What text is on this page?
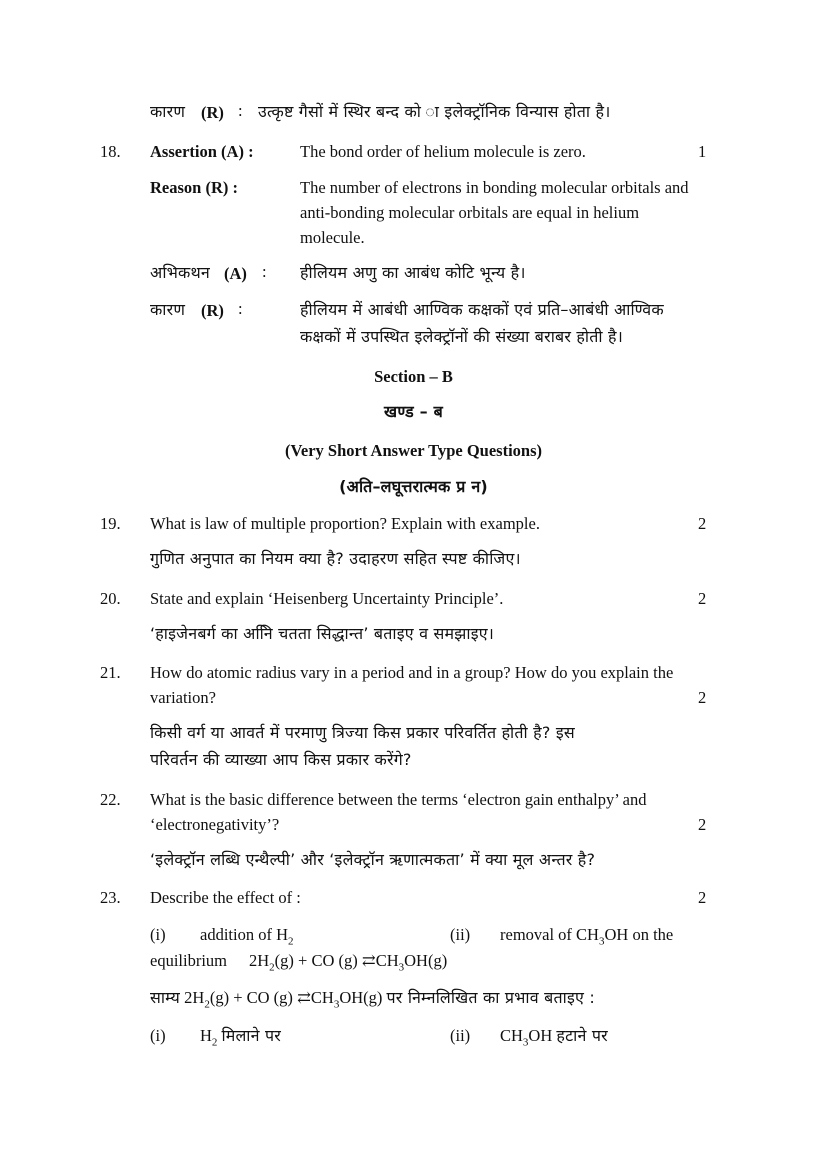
कारण (R) : उत्कृष्ट गैसों में स्थिर बन्द को ा इलेक्ट्रॉनिक विन्यास होता है।
18. Assertion (A) :	The bond order of helium molecule is zero.	1
Reason (R) :	The number of electrons in bonding molecular orbitals and
anti-bonding molecular orbitals are equal in helium
molecule.
अभिकथन (A) : हीलियम अणु का आबंध कोटि भून्य है।
कारण (R) :	हीलियम में आबंधी आण्विक कक्षकों एवं प्रति–आबंधी आण्विक
कक्षकों में उपस्थित इलेक्ट्रॉनों की संख्या बराबर होती है।
Section – B
खण्ड – ब
(Very Short Answer Type Questions)
(अति–लघूत्तरात्मक प्र न)
19. What is law of multiple proportion? Explain with example.	2
गुणित अनुपात का नियम क्या है? उदाहरण सहित स्पष्ट कीजिए।
20. State and explain ‘Heisenberg Uncertainty Principle’.	2
‘हाइजेनबर्ग का अनिि चतता सिद्धान्त’ बताइए व समझाइए।
21. How do atomic radius vary in a period and in a group? How do you explain the
variation?	2
किसी वर्ग या आवर्त में परमाणु त्रिज्या किस प्रकार परिवर्तित होती है? इस
परिवर्तन की व्याख्या आप किस प्रकार करेंगे?
22. What is the basic difference between the terms ‘electron gain enthalpy’ and
‘electronegativity’?	2
‘इलेक्ट्रॉन लब्धि एन्थैल्पी’ और ‘इलेक्ट्रॉन ऋणात्मकता’ में क्या मूल अन्तर है?
23. Describe the effect of :	2
(i) addition of $H_2$	(ii) removal of $CH_3OH$ on the
equilibrium $2H_2(g)$ + CO (g) $⇄CH_3OH(g)$
साम्य $2H_2(g)$ + CO (g) $⇄CH_3OH(g)$ पर निम्नलिखित का प्रभाव बताइए :
(i) $H_2$ मिलाने पर	(ii) $CH_3OH$ हटाने पर
